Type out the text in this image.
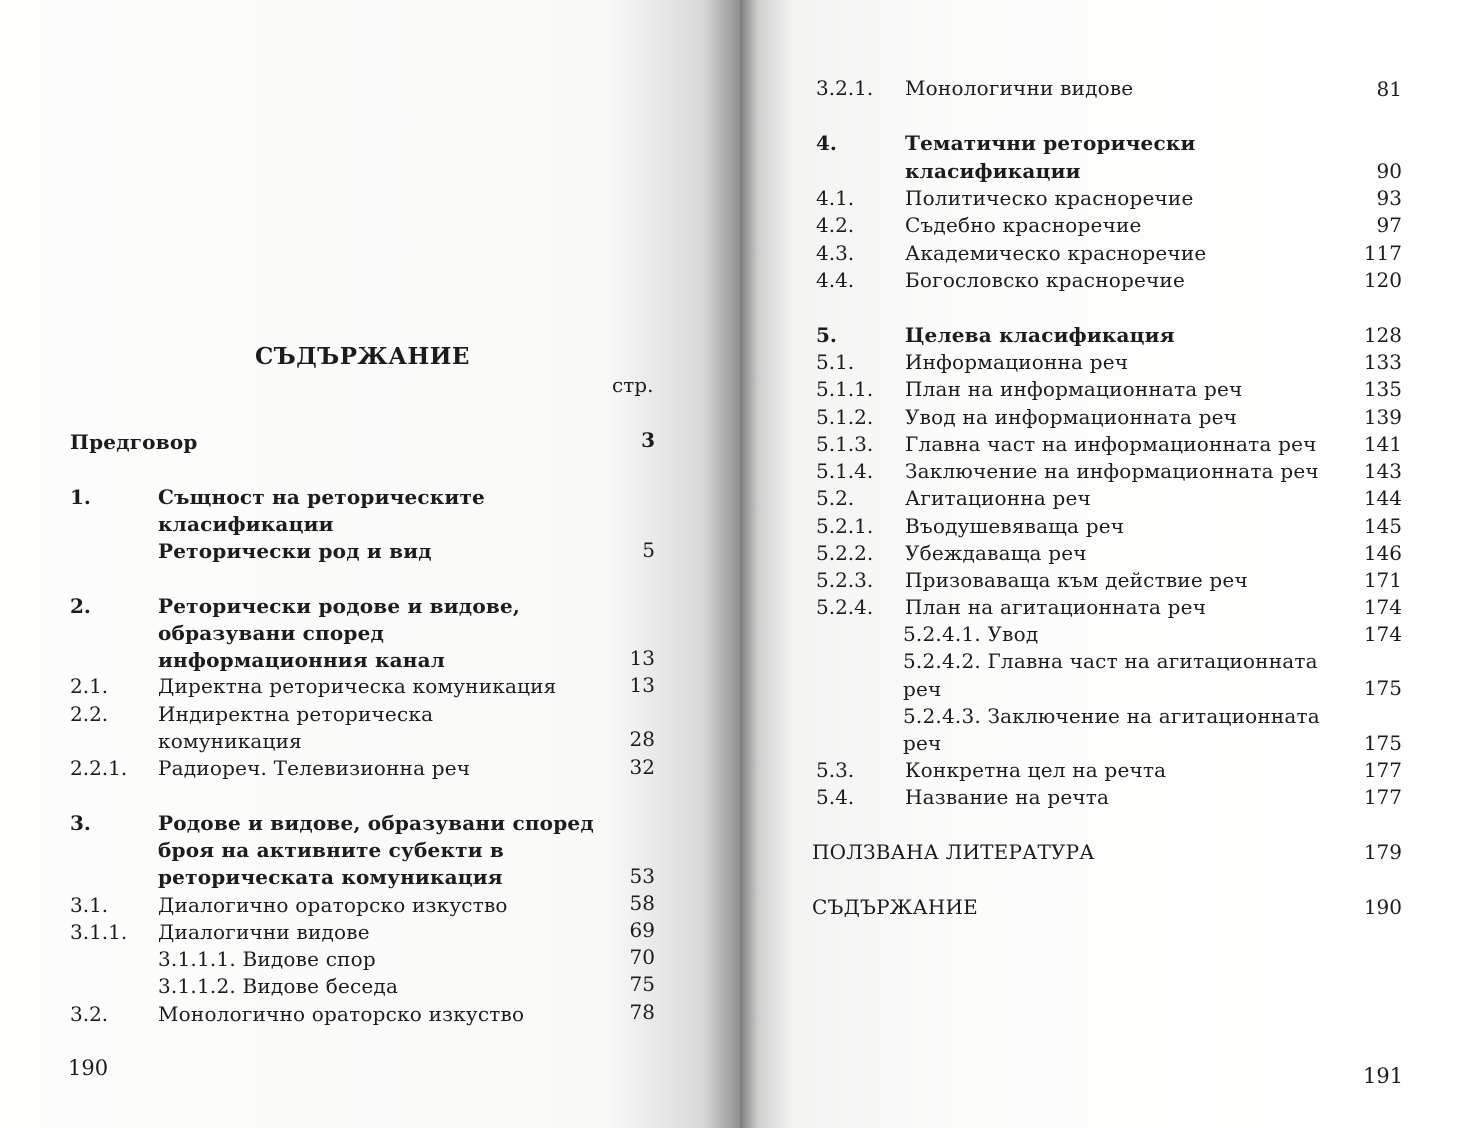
СЪДЪРЖАНИЕ
стр.
Предговор	3
1.	Същност на реторическите
класификации
Реторически род и вид	5
2.	Реторически родове и видове,
образувани според
информационния канал	13
2.1. Директна реторическа комуникация	13
2.2. Индиректна реторическа
комуникация	28
2.2.1. Радиореч. Телевизионна реч	32
3.	Родове и видове, образувани според
броя на активните субекти в
реторическата комуникация	53
3.1. Диалогично ораторско изкуство	58
3.1.1. Диалогични видове	69
3.1.1.1. Видове спор	70
3.1.1.2. Видове беседа	75
3.2. Монологично ораторско изкуство	78
190
3.2.1. Монологични видове	81
4.	Тематични реторически
класификации	90
4.1.	Политическо красноречие	93
4.2.	Съдебно красноречие	97
4.3.	Академическо красноречие	117
4.4.	Богословско красноречие	120
5.	Целева класификация	128
5.1.	Информационна реч	133
5.1.1. План на информационната реч	135
5.1.2. Увод на информационната реч	139
5.1.3. Главна част на информационната реч	141
5.1.4. Заключение на информационната реч	143
5.2.	Агитационна реч	144
5.2.1. Въодушевяваща реч	145
5.2.2. Убеждаваща реч	146
5.2.3. Призоваваща към действие реч	171
5.2.4. План на агитационната реч	174
5.2.4.1. Увод	174
5.2.4.2. Главна част на агитационната
реч	175
5.2.4.3. Заключение на агитационната
реч	175
5.3.	Конкретна цел на речта	177
5.4.	Название на речта	177
ПОЛЗВАНА ЛИТЕРАТУРА	179
СЪДЪРЖАНИЕ	190
191
